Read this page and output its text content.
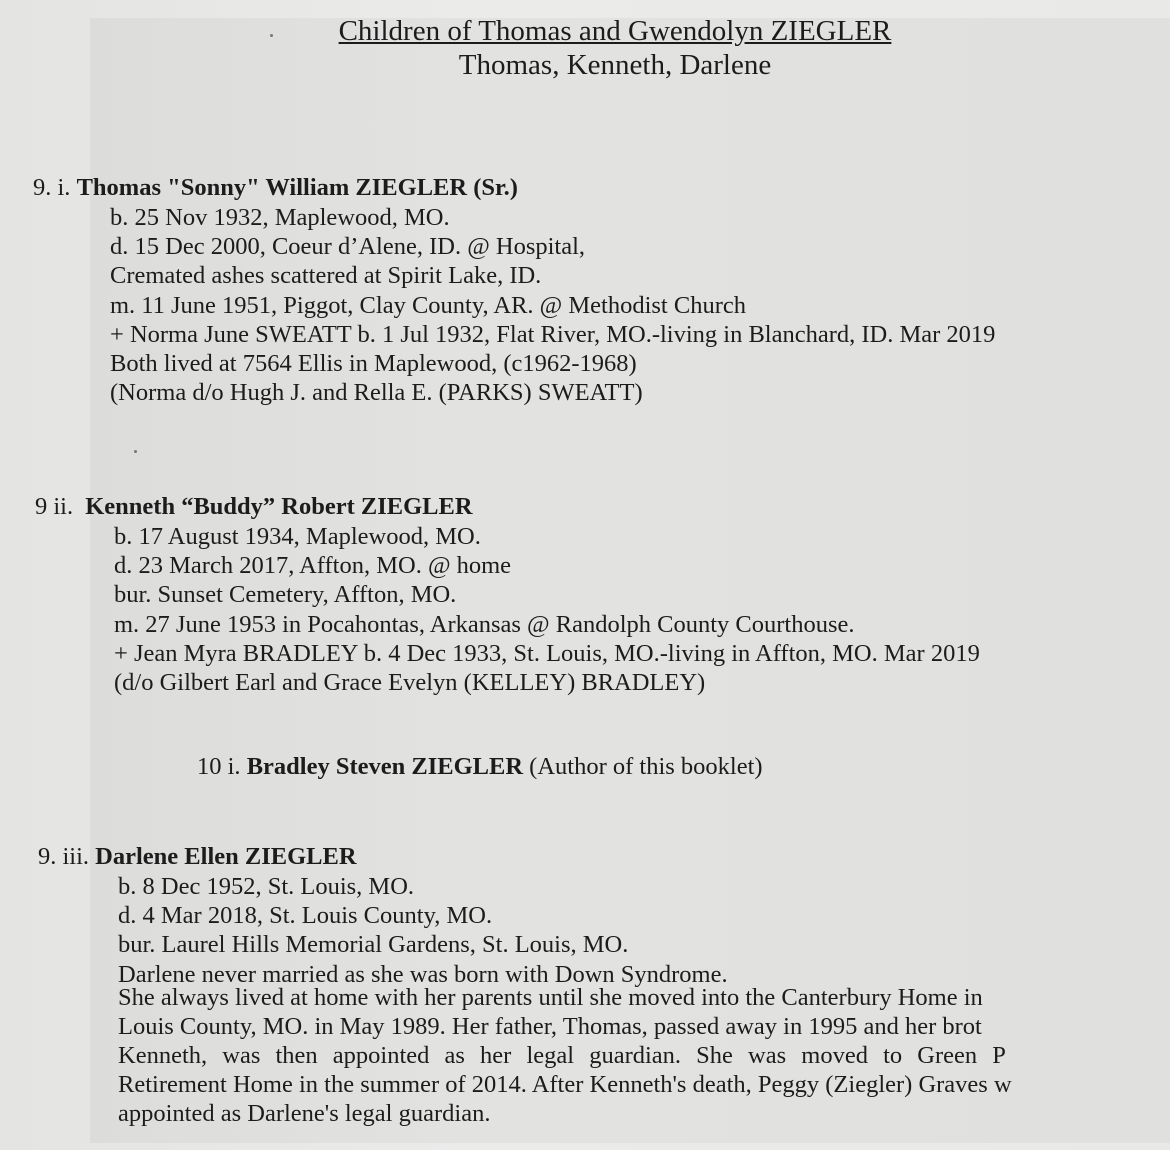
Children of Thomas and Gwendolyn ZIEGLER
Thomas, Kenneth, Darlene
9. i. Thomas "Sonny" William ZIEGLER (Sr.)
b. 25 Nov 1932, Maplewood, MO.
d. 15 Dec 2000, Coeur d’Alene, ID. @ Hospital,
Cremated ashes scattered at Spirit Lake, ID.
m. 11 June 1951, Piggot, Clay County, AR. @ Methodist Church
+ Norma June SWEATT b. 1 Jul 1932, Flat River, MO.-living in Blanchard, ID. Mar 2019
Both lived at 7564 Ellis in Maplewood, (c1962-1968)
(Norma d/o Hugh J. and Rella E. (PARKS) SWEATT)
9 ii. Kenneth “Buddy” Robert ZIEGLER
b. 17 August 1934, Maplewood, MO.
d. 23 March 2017, Affton, MO. @ home
bur. Sunset Cemetery, Affton, MO.
m. 27 June 1953 in Pocahontas, Arkansas @ Randolph County Courthouse.
+ Jean Myra BRADLEY b. 4 Dec 1933, St. Louis, MO.-living in Affton, MO. Mar 2019
(d/o Gilbert Earl and Grace Evelyn (KELLEY) BRADLEY)
10 i. Bradley Steven ZIEGLER (Author of this booklet)
9. iii. Darlene Ellen ZIEGLER
b. 8 Dec 1952, St. Louis, MO.
d. 4 Mar 2018, St. Louis County, MO.
bur. Laurel Hills Memorial Gardens, St. Louis, MO.
Darlene never married as she was born with Down Syndrome.
She always lived at home with her parents until she moved into the Canterbury Home in
Louis County, MO. in May 1989. Her father, Thomas, passed away in 1995 and her brot
Kenneth, was then appointed as her legal guardian. She was moved to Green P
Retirement Home in the summer of 2014. After Kenneth's death, Peggy (Ziegler) Graves w
appointed as Darlene's legal guardian.
